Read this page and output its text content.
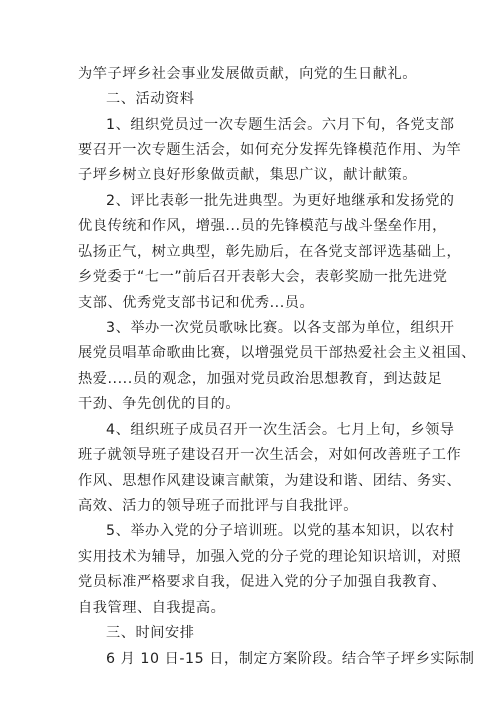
为竿子坪乡社会事业发展做贡献，向党的生日献礼。
二、活动资料
1、组织党员过一次专题生活会。六月下旬，各党支部
要召开一次专题生活会，如何充分发挥先锋模范作用、为竿
子坪乡树立良好形象做贡献，集思广议，献计献策。
2、评比表彰一批先进典型。为更好地继承和发扬党的
优良传统和作风，增强...员的先锋模范与战斗堡垒作用，
弘扬正气，树立典型，彰先励后，在各党支部评选基础上，
乡党委于“七一”前后召开表彰大会，表彰奖励一批先进党
支部、优秀党支部书记和优秀...员。
3、举办一次党员歌咏比赛。以各支部为单位，组织开
展党员唱革命歌曲比赛，以增强党员干部热爱社会主义祖国、
热爱.....员的观念，加强对党员政治思想教育，到达鼓足
干劲、争先创优的目的。
4、组织班子成员召开一次生活会。七月上旬，乡领导
班子就领导班子建设召开一次生活会，对如何改善班子工作
作风、思想作风建设谏言献策，为建设和谐、团结、务实、
高效、活力的领导班子而批评与自我批评。
5、举办入党的分子培训班。以党的基本知识，以农村
实用技术为辅导，加强入党的分子党的理论知识培训，对照
党员标准严格要求自我，促进入党的分子加强自我教育、
自我管理、自我提高。
三、时间安排
6 月 10 日-15 日，制定方案阶段。结合竿子坪乡实际制
